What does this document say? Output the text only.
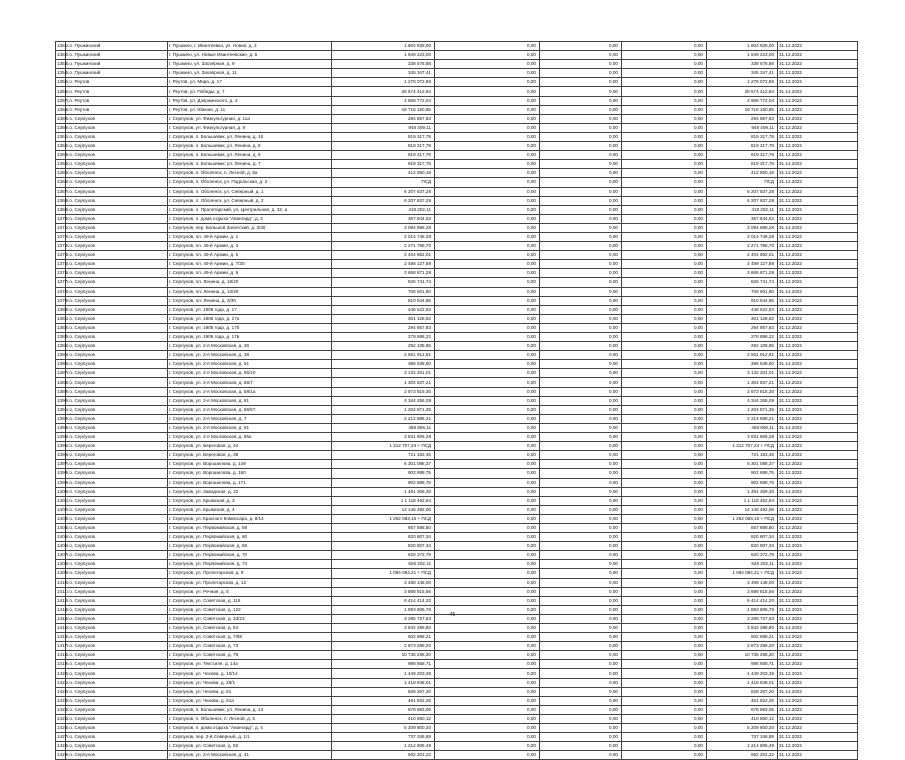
1351	г.о. Пушкинский	г. Пушкино, г. Ивантеевка, ул. Новая, д. 3	1 804 828,00	0,00	0,00	0,00	1 804 828,00	31.12.2022
1352	г.о. Пушкинский	г. Пушкино, ул. Новые Ивантеевские, д. 5	1 949 223,00	0,00	0,00	0,00	1 949 223,00	31.12.2022
1353	г.о. Пушкинский	г. Пушкино, ул. Заозёрная, д. 9	338 578,88	0,00	0,00	0,00	338 578,88	31.12.2022
1354	г.о. Пушкинский	г. Пушкино, ул. Заозёрная, д. 11	345 347,41	0,00	0,00	0,00	345 347,41	31.12.2022
1355	г.о. Реутов	г. Реутов, ул. Мира, д. 17	1 278 072,65	0,00	0,00	0,00	1 278 072,65	31.12.2022
1356	г.о. Реутов	г. Реутов, ул. Победы, д. 7	28 574 412,84	0,00	0,00	0,00	28 574 412,84	31.12.2022
1357	г.о. Реутов	г. Реутов, ул. Дзержинского, д. 4	4 868 772,04	0,00	0,00	0,00	4 868 772,04	31.12.2022
1358	г.о. Реутов	г. Реутов, ул. Южная, д. 11	19 716 150,85	0,00	0,00	0,00	19 716 150,85	31.12.2022
1359	г.о. Серпухов	г. Серпухов, ул. Физкультурная, д. 11а	294 867,83	0,00	0,00	0,00	294 867,83	31.12.2022
1360	г.о. Серпухов	г. Серпухов, ул. Физкультурная, д. 9	948 409,11	0,00	0,00	0,00	948 409,11	31.12.2022
1361	г.о. Серпухов	г. Серпухов, п. Большевик, ул. Ленина, д. 16	819 317,78	0,00	0,00	0,00	819 317,78	31.12.2022
1362	г.о. Серпухов	г. Серпухов, п. Большевик, ул. Ленина, д. 8	819 317,78	0,00	0,00	0,00	819 317,78	31.12.2022
1363	г.о. Серпухов	г. Серпухов, п. Большевик, ул. Ленина, д. 6	819 317,78	0,00	0,00	0,00	819 317,78	31.12.2022
1364	г.о. Серпухов	г. Серпухов, п. Большевик, ул. Ленина, д. 7	819 317,78	0,00	0,00	0,00	819 317,78	31.12.2022
1365	г.о. Серпухов	г. Серпухов, п. Оболенск, п. Лесной, д. 5а	412 850,19	0,00	0,00	0,00	412 850,19	31.12.2022
1366	г.о. Серпухов	г. Серпухов, п. Оболенск, ул. Подольская, д. 2	ПСД	0,00	0,00	0,00	ПСД	31.12.2022
1367	г.о. Серпухов	г. Серпухов, п. Оболенск, ул. Северный, д. 1	6 207 837,28	0,00	0,00	0,00	6 207 837,28	31.12.2022
1368	г.о. Серпухов	г. Серпухов, п. Оболенск, ул. Северный, д. 2	6 207 837,28	0,00	0,00	0,00	6 207 837,28	31.12.2022
1369	г.о. Серпухов	г. Серпухов, п. Пролетарский, ул. Центральная, д. 32, а	418 202,11	0,00	0,00	0,00	418 202,11	31.12.2022
1370	г.о. Серпухов	г. Серпухов, п. дома отдыха "Авангард", д. 3	367 844,53	0,00	0,00	0,00	367 844,53	31.12.2022
1371	г.о. Серпухов	г. Серпухов, пер. Большой Залесский, д. 3/30	3 094 888,28	0,00	0,00	0,00	3 094 888,28	31.12.2022
1372	г.о. Серпухов	г. Серпухов, пл. 49-й Армии, д. 1	2 014 748,28	0,00	0,00	0,00	2 014 748,28	31.12.2022
1373	г.о. Серпухов	г. Серпухов, пл. 49-й Армии, д. 3	2 271 786,70	0,00	0,00	0,00	2 271 786,70	31.12.2022
1374	г.о. Серпухов	г. Серпухов, пл. 49-й Армии, д. 5	2 404 862,01	0,00	0,00	0,00	2 404 862,01	31.12.2022
1375	г.о. Серпухов	г. Серпухов, пл. 49-й Армии, д. 7/30	2 488 127,88	0,00	0,00	0,00	2 488 127,88	31.12.2022
1376	г.о. Серпухов	г. Серпухов, пл. 49-й Армии, д. 9	3 668 871,28	0,00	0,00	0,00	3 668 871,28	31.12.2022
1377	г.о. Серпухов	г. Серпухов, пл. Ленина, д. 18/20	826 741,74	0,00	0,00	0,00	826 741,74	31.12.2022
1378	г.о. Серпухов	г. Серпухов, пл. Ленина, д. 13/20	706 601,60	0,00	0,00	0,00	706 601,60	31.12.2022
1379	г.о. Серпухов	г. Серпухов, пл. Ленина, д. 3/30	810 544,85	0,00	0,00	0,00	810 544,85	31.12.2022
1380	г.о. Серпухов	г. Серпухов, ул. 1905 года, д. 17	446 522,53	0,00	0,00	0,00	446 522,53	31.12.2022
1381	г.о. Серпухов	г. Серпухов, ул. 1905 года, д. 17а	301 128,62	0,00	0,00	0,00	301 128,62	31.12.2022
1382	г.о. Серпухов	г. Серпухов, ул. 1905 года, д. 17б	294 867,83	0,00	0,00	0,00	294 867,83	31.12.2022
1383	г.о. Серпухов	г. Серпухов, ул. 1905 года, д. 17в	278 888,22	0,00	0,00	0,00	278 888,22	31.12.2022
1384	г.о. Серпухов	г. Серпухов, ул. 2-я Московская, д. 36	292 108,85	0,00	0,00	0,00	292 108,85	31.12.2022
1385	г.о. Серпухов	г. Серпухов, ул. 2-я Московская, д. 38	2 561 912,81	0,00	0,00	0,00	2 561 912,81	31.12.2022
1386	г.о. Серпухов	г. Серпухов, ул. 2-я Московская, д. 51	395 538,50	0,00	0,00	0,00	395 538,50	31.12.2022
1387	г.о. Серпухов	г. Серпухов, ул. 2-я Московская, д. 55/10	3 132 201,01	0,00	0,00	0,00	3 132 201,01	31.12.2022
1388	г.о. Серпухов	г. Серпухов, ул. 2-я Московская, д. 56/7	1 304 837,21	0,00	0,00	0,00	1 304 837,21	31.12.2022
1389	г.о. Серпухов	г. Серпухов, ул. 2-я Московская, д. 58/1а	2 873 815,30	0,00	0,00	0,00	2 873 815,30	31.12.2022
1390	г.о. Серпухов	г. Серпухов, ул. 2-я Московская, д. 61	4 344 255,09	0,00	0,00	0,00	4 344 255,09	31.12.2022
1391	г.о. Серпухов	г. Серпухов, ул. 2-я Московская, д. 66/57	1 204 871,35	0,00	0,00	0,00	1 204 871,35	31.12.2022
1392	г.о. Серпухов	г. Серпухов, ул. 2-я Московская, д. 7	2 214 888,21	0,00	0,00	0,00	2 214 888,21	31.12.2022
1393	г.о. Серпухов	г. Серпухов, ул. 2-я Московская, д. 81	468 806,11	0,00	0,00	0,00	468 806,11	31.12.2022
1394	г.о. Серпухов	г. Серпухов, ул. 2-я Московская, д. 85а	3 831 806,28	0,00	0,00	0,00	3 831 806,28	31.12.2022
1395	г.о. Серпухов	г. Серпухов, ул. Береговая, д. 44	1 312 707,24 + ПСД	0,00	0,00	0,00	1 312 707,24 + ПСД	31.12.2022
1396	г.о. Серпухов	г. Серпухов, ул. Береговая, д. 38	721 183,45	0,00	0,00	0,00	721 183,45	31.12.2022
1397	г.о. Серпухов	г. Серпухов, ул. Ворошилова, д. 149	6 301 088,37	0,00	0,00	0,00	6 301 088,37	31.12.2022
1398	г.о. Серпухов	г. Серпухов, ул. Ворошилова, д. 160	902 888,75	0,00	0,00	0,00	902 888,75	31.12.2022
1399	г.о. Серпухов	г. Серпухов, ул. Ворошилова, д. 171	902 888,75	0,00	0,00	0,00	902 888,75	31.12.2022
1400	г.о. Серпухов	г. Серпухов, ул. Заводская, д. 22	1 481 308,30	0,00	0,00	0,00	1 481 308,30	31.12.2022
1401	г.о. Серпухов	г. Серпухов, ул. Крымская, д. 3	1 1 118 462,84	0,00	0,00	0,00	1 1 118 462,84	31.12.2022
1402	г.о. Серпухов	г. Серпухов, ул. Крымская, д. 4	14 146 482,06	0,00	0,00	0,00	14 146 482,06	31.12.2022
1403	г.о. Серпухов	г. Серпухов, ул. Красного Комиссара, д. 8/14	1 262 083,16 + ПСД	0,00	0,00	0,00	1 262 083,16 + ПСД	31.12.2022
1404	г.о. Серпухов	г. Серпухов, ул. Первомайская, д. 58	657 888,80	0,00	0,00	0,00	657 888,80	31.12.2022
1405	г.о. Серпухов	г. Серпухов, ул. Первомайская, д. 60	820 807,34	0,00	0,00	0,00	820 807,34	31.12.2022
1406	г.о. Серпухов	г. Серпухов, ул. Первомайская, д. 68	820 807,34	0,00	0,00	0,00	820 807,34	31.12.2022
1407	г.о. Серпухов	г. Серпухов, ул. Первомайская, д. 70	620 372,79	0,00	0,00	0,00	620 372,79	31.12.2022
1408	г.о. Серпухов	г. Серпухов, ул. Первомайская, д. 74	626 202,11	0,00	0,00	0,00	626 202,11	31.12.2022
1409	г.о. Серпухов	г. Серпухов, ул. Пролетарская, д. 9	1 094 084,21 + ПСД	0,00	0,00	0,00	1 094 084,21 + ПСД	31.12.2022
1410	г.о. Серпухов	г. Серпухов, ул. Пролетарская, д. 12	3 488 148,00	0,00	0,00	0,00	3 488 148,00	31.12.2022
1411	г.о. Серпухов	г. Серпухов, ул. Речная, д. 5	3 888 815,56	0,00	0,00	0,00	3 888 815,56	31.12.2022
1412	г.о. Серпухов	г. Серпухов, ул. Советская, д. 118	6 414 414,20	0,00	0,00	0,00	6 414 414,20	31.12.2022
1413	г.о. Серпухов	г. Серпухов, ул. Советская, д. 122	1 893 806,76	0,00	0,00	0,00	1 893 806,76	31.12.2022
1414	г.о. Серпухов	г. Серпухов, ул. Советская, д. 33/23	3 285 727,63	0,00	0,00	0,00	3 285 727,63	31.12.2022
1415	г.о. Серпухов	г. Серпухов, ул. Советская, д. 54	3 842 288,80	0,00	0,00	0,00	3 842 288,80	31.12.2022
1416	г.о. Серпухов	г. Серпухов, ул. Советская, д. 7/59	602 888,21	0,00	0,00	0,00	602 888,21	31.12.2022
1417	г.о. Серпухов	г. Серпухов, ул. Советская, д. 73	2 873 288,20	0,00	0,00	0,00	2 873 288,20	31.12.2022
1418	г.о. Серпухов	г. Серпухов, ул. Советская, д. 78	10 735 288,20	0,00	0,00	0,00	10 735 288,20	31.12.2022
1419	г.о. Серпухов	г. Серпухов, ул. Текстиля, д. 14а	998 858,71	0,00	0,00	0,00	998 858,71	31.12.2022
1420	г.о. Серпухов	г. Серпухов, ул. Чехова, д. 10/14	1 449 203,36	0,00	0,00	0,00	1 449 203,36	31.12.2022
1421	г.о. Серпухов	г. Серпухов, ул. Чехова, д. 29/1	1 418 648,01	0,00	0,00	0,00	1 418 648,01	31.12.2022
1422	г.о. Серпухов	г. Серпухов, ул. Чехова, д. 81	828 267,20	0,00	0,00	0,00	828 267,20	31.12.2022
1423	г.о. Серпухов	г. Серпухов, ул. Чехова, д. 81а	461 822,25	0,00	0,00	0,00	461 822,25	31.12.2022
1424	г.о. Серпухов	г. Серпухов, п. Большевик, ул. Ленина, д. 13	678 883,05	0,00	0,00	0,00	678 883,05	31.12.2022
1425	г.о. Серпухов	г. Серпухов, п. Оболенск, п. Лесной, д. 5	410 850,12	0,00	0,00	0,00	410 850,12	31.12.2022
1426	г.о. Серпухов	г. Серпухов, п. дома отдыха "Авангард", д. 4	5 209 800,20	0,00	0,00	0,00	5 209 800,20	31.12.2022
1427	г.о. Серпухов	г. Серпухов, пер. 2-й Северный, д. 1/1	737 346,89	0,00	0,00	0,00	737 346,89	31.12.2022
1428	г.о. Серпухов	г. Серпухов, ул. Советская, д. 50	1 214 806,49	0,00	0,00	0,00	1 214 806,49	31.12.2022
1429	г.о. Серпухов	г. Серпухов, ул. 2-я Московская, д. 41	562 201,22	0,00	0,00	0,00	562 201,22	31.12.2022
46
